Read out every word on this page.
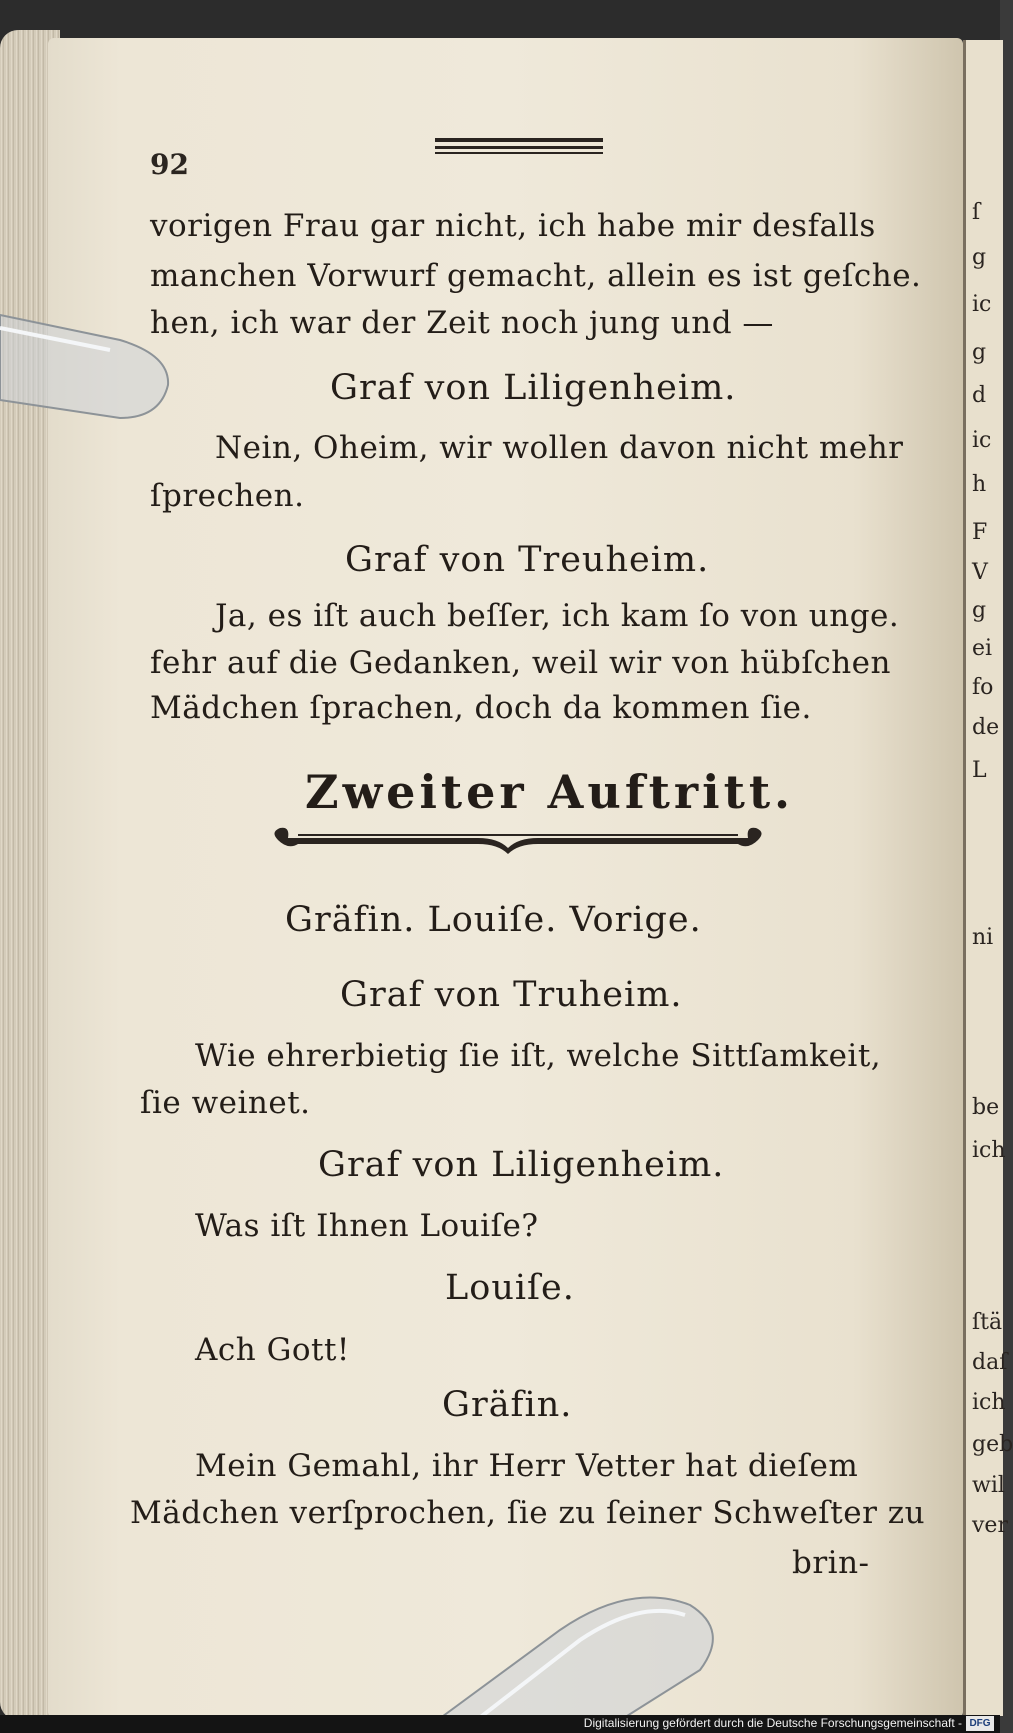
ſ
g
ic
g
d
ic
h
F
V
g
ei
fo
de
L
ni
be
ich
ſtä
daſ
ich
geb
wil
ver
92
vorigen Frau gar nicht, ich habe mir desfalls
manchen Vorwurf gemacht, allein es ist geſche.
hen, ich war der Zeit noch jung und —
Graf von Liligenheim.
Nein, Oheim, wir wollen davon nicht mehr
ſprechen.
Graf von Treuheim.
Ja, es iſt auch beſſer, ich kam ſo von unge.
fehr auf die Gedanken, weil wir von hübſchen
Mädchen ſprachen, doch da kommen ſie.
Zweiter Auftritt.
Gräfin. Louiſe. Vorige.
Graf von Truheim.
Wie ehrerbietig ſie iſt, welche Sittſamkeit,
ſie weinet.
Graf von Liligenheim.
Was iſt Ihnen Louiſe?
Louiſe.
Ach Gott!
Gräfin.
Mein Gemahl, ihr Herr Vetter hat dieſem
Mädchen verſprochen, ſie zu ſeiner Schweſter zu
brin-
Digitalisierung gefördert durch die Deutsche Forschungsgemeinschaft - DFG
